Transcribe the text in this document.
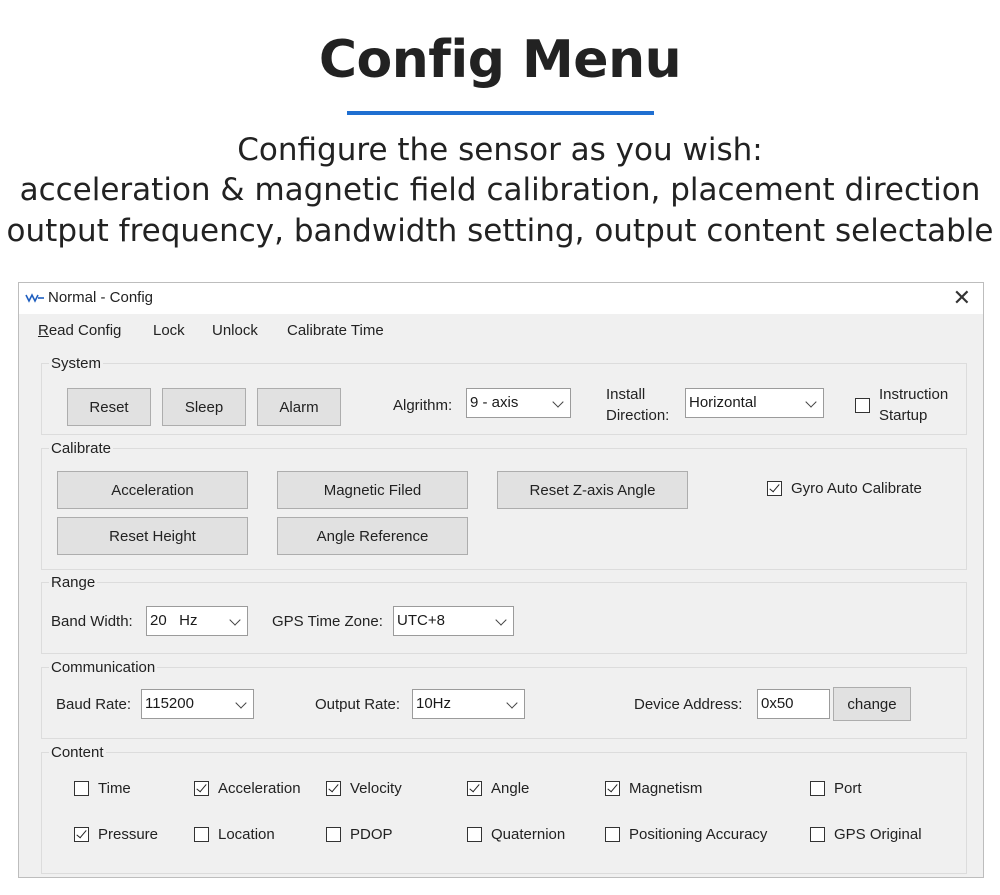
Config Menu
Configure the sensor as you wish:
acceleration & magnetic field calibration, placement direction
output frequency, bandwidth setting, output content selectable
Normal - Config	✕
Read Config Lock Unlock Calibrate Time
System
Reset	Sleep	Alarm	Algrithm: 9 - axis	Install
Direction:
Horizontal	Instruction
Startup
Calibrate
Acceleration	Magnetic Filed	Reset Z-axis Angle	Gyro Auto Calibrate
Reset Height	Angle Reference
Range
Band Width: 20   Hz	GPS Time Zone: UTC+8
Communication
Baud Rate: 115200	Output Rate: 10Hz	Device Address: 0x50	change
Content
Time	Acceleration	Velocity	Angle	Magnetism	Port
Pressure	Location	PDOP	Quaternion	Positioning Accuracy	GPS Original
